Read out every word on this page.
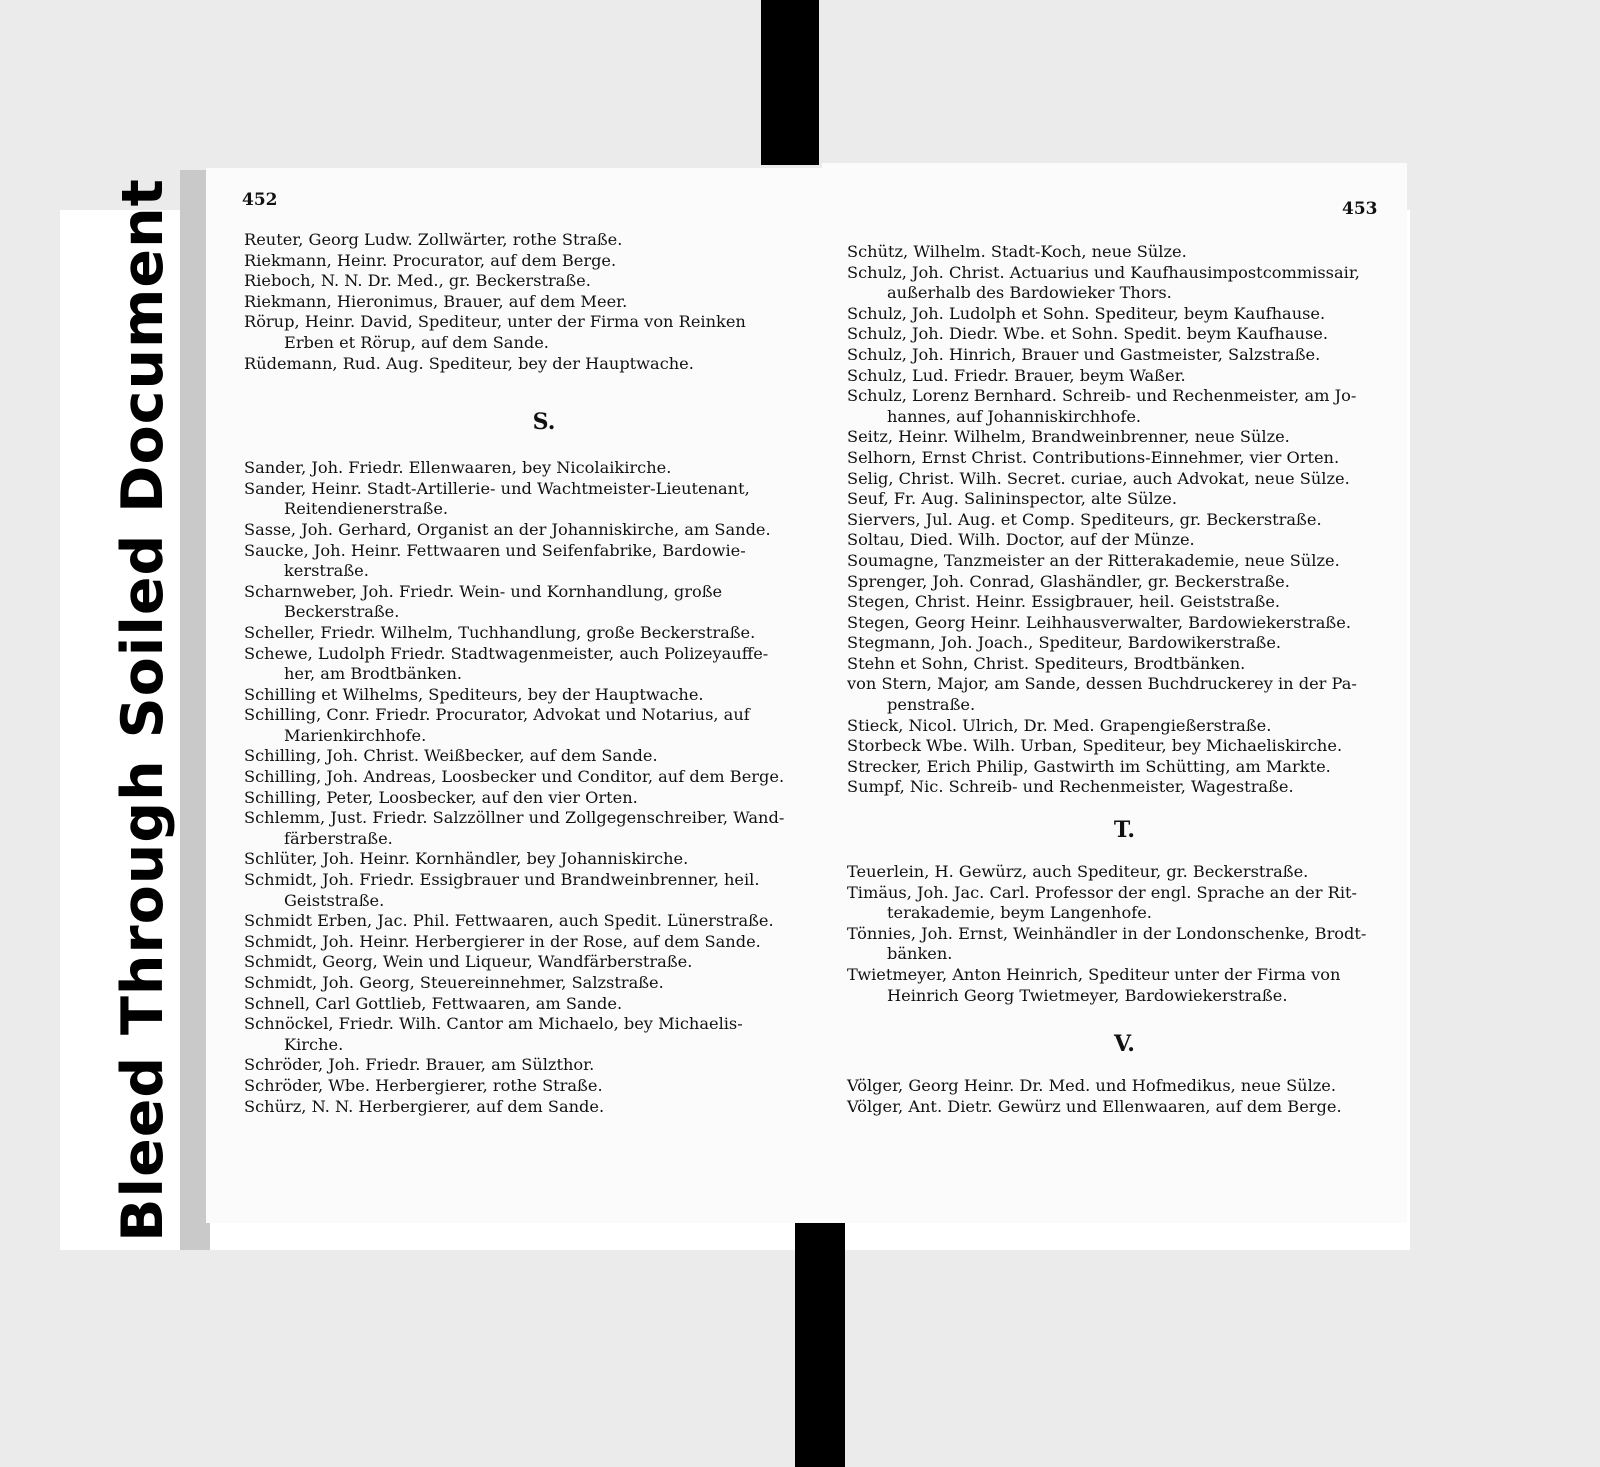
Bleed Through Soiled Document	452
Reuter, Georg Ludw. Zollwärter, rothe Straße.
Riekmann, Heinr. Procurator, auf dem Berge.
Rieboch, N. N. Dr. Med., gr. Beckerstraße.
Riekmann, Hieronimus, Brauer, auf dem Meer.
Rörup, Heinr. David, Spediteur, unter der Firma von Reinken
Erben et Rörup, auf dem Sande.
Rüdemann, Rud. Aug. Spediteur, bey der Hauptwache.
S.
Sander, Joh. Friedr. Ellenwaaren, bey Nicolaikirche.
Sander, Heinr. Stadt-Artillerie- und Wachtmeister-Lieutenant,
Reitendienerstraße.
Sasse, Joh. Gerhard, Organist an der Johanniskirche, am Sande.
Saucke, Joh. Heinr. Fettwaaren und Seifenfabrike, Bardowie-
kerstraße.
Scharnweber, Joh. Friedr. Wein- und Kornhandlung, große
Beckerstraße.
Scheller, Friedr. Wilhelm, Tuchhandlung, große Beckerstraße.
Schewe, Ludolph Friedr. Stadtwagenmeister, auch Polizeyauffe-
her, am Brodtbänken.
Schilling et Wilhelms, Spediteurs, bey der Hauptwache.
Schilling, Conr. Friedr. Procurator, Advokat und Notarius, auf
Marienkirchhofe.
Schilling, Joh. Christ. Weißbecker, auf dem Sande.
Schilling, Joh. Andreas, Loosbecker und Conditor, auf dem Berge.
Schilling, Peter, Loosbecker, auf den vier Orten.
Schlemm, Just. Friedr. Salzzöllner und Zollgegenschreiber, Wand-
färberstraße.
Schlüter, Joh. Heinr. Kornhändler, bey Johanniskirche.
Schmidt, Joh. Friedr. Essigbrauer und Brandweinbrenner, heil.
Geiststraße.
Schmidt Erben, Jac. Phil. Fettwaaren, auch Spedit. Lünerstraße.
Schmidt, Joh. Heinr. Herbergierer in der Rose, auf dem Sande.
Schmidt, Georg, Wein und Liqueur, Wandfärberstraße.
Schmidt, Joh. Georg, Steuereinnehmer, Salzstraße.
Schnell, Carl Gottlieb, Fettwaaren, am Sande.
Schnöckel, Friedr. Wilh. Cantor am Michaelo, bey Michaelis-
Kirche.
Schröder, Joh. Friedr. Brauer, am Sülzthor.
Schröder, Wbe. Herbergierer, rothe Straße.
Schürz, N. N. Herbergierer, auf dem Sande.
453
Schütz, Wilhelm. Stadt-Koch, neue Sülze.
Schulz, Joh. Christ. Actuarius und Kaufhausimpostcommissair,
außerhalb des Bardowieker Thors.
Schulz, Joh. Ludolph et Sohn. Spediteur, beym Kaufhause.
Schulz, Joh. Diedr. Wbe. et Sohn. Spedit. beym Kaufhause.
Schulz, Joh. Hinrich, Brauer und Gastmeister, Salzstraße.
Schulz, Lud. Friedr. Brauer, beym Waßer.
Schulz, Lorenz Bernhard. Schreib- und Rechenmeister, am Jo-
hannes, auf Johanniskirchhofe.
Seitz, Heinr. Wilhelm, Brandweinbrenner, neue Sülze.
Selhorn, Ernst Christ. Contributions-Einnehmer, vier Orten.
Selig, Christ. Wilh. Secret. curiae, auch Advokat, neue Sülze.
Seuf, Fr. Aug. Salininspector, alte Sülze.
Siervers, Jul. Aug. et Comp. Spediteurs, gr. Beckerstraße.
Soltau, Died. Wilh. Doctor, auf der Münze.
Soumagne, Tanzmeister an der Ritterakademie, neue Sülze.
Sprenger, Joh. Conrad, Glashändler, gr. Beckerstraße.
Stegen, Christ. Heinr. Essigbrauer, heil. Geiststraße.
Stegen, Georg Heinr. Leihhausverwalter, Bardowiekerstraße.
Stegmann, Joh. Joach., Spediteur, Bardowikerstraße.
Stehn et Sohn, Christ. Spediteurs, Brodtbänken.
von Stern, Major, am Sande, dessen Buchdruckerey in der Pa-
penstraße.
Stieck, Nicol. Ulrich, Dr. Med. Grapengießerstraße.
Storbeck Wbe. Wilh. Urban, Spediteur, bey Michaeliskirche.
Strecker, Erich Philip, Gastwirth im Schütting, am Markte.
Sumpf, Nic. Schreib- und Rechenmeister, Wagestraße.
T.
Teuerlein, H. Gewürz, auch Spediteur, gr. Beckerstraße.
Timäus, Joh. Jac. Carl. Professor der engl. Sprache an der Rit-
terakademie, beym Langenhofe.
Tönnies, Joh. Ernst, Weinhändler in der Londonschenke, Brodt-
bänken.
Twietmeyer, Anton Heinrich, Spediteur unter der Firma von
Heinrich Georg Twietmeyer, Bardowiekerstraße.
V.
Völger, Georg Heinr. Dr. Med. und Hofmedikus, neue Sülze.
Völger, Ant. Dietr. Gewürz und Ellenwaaren, auf dem Berge.
